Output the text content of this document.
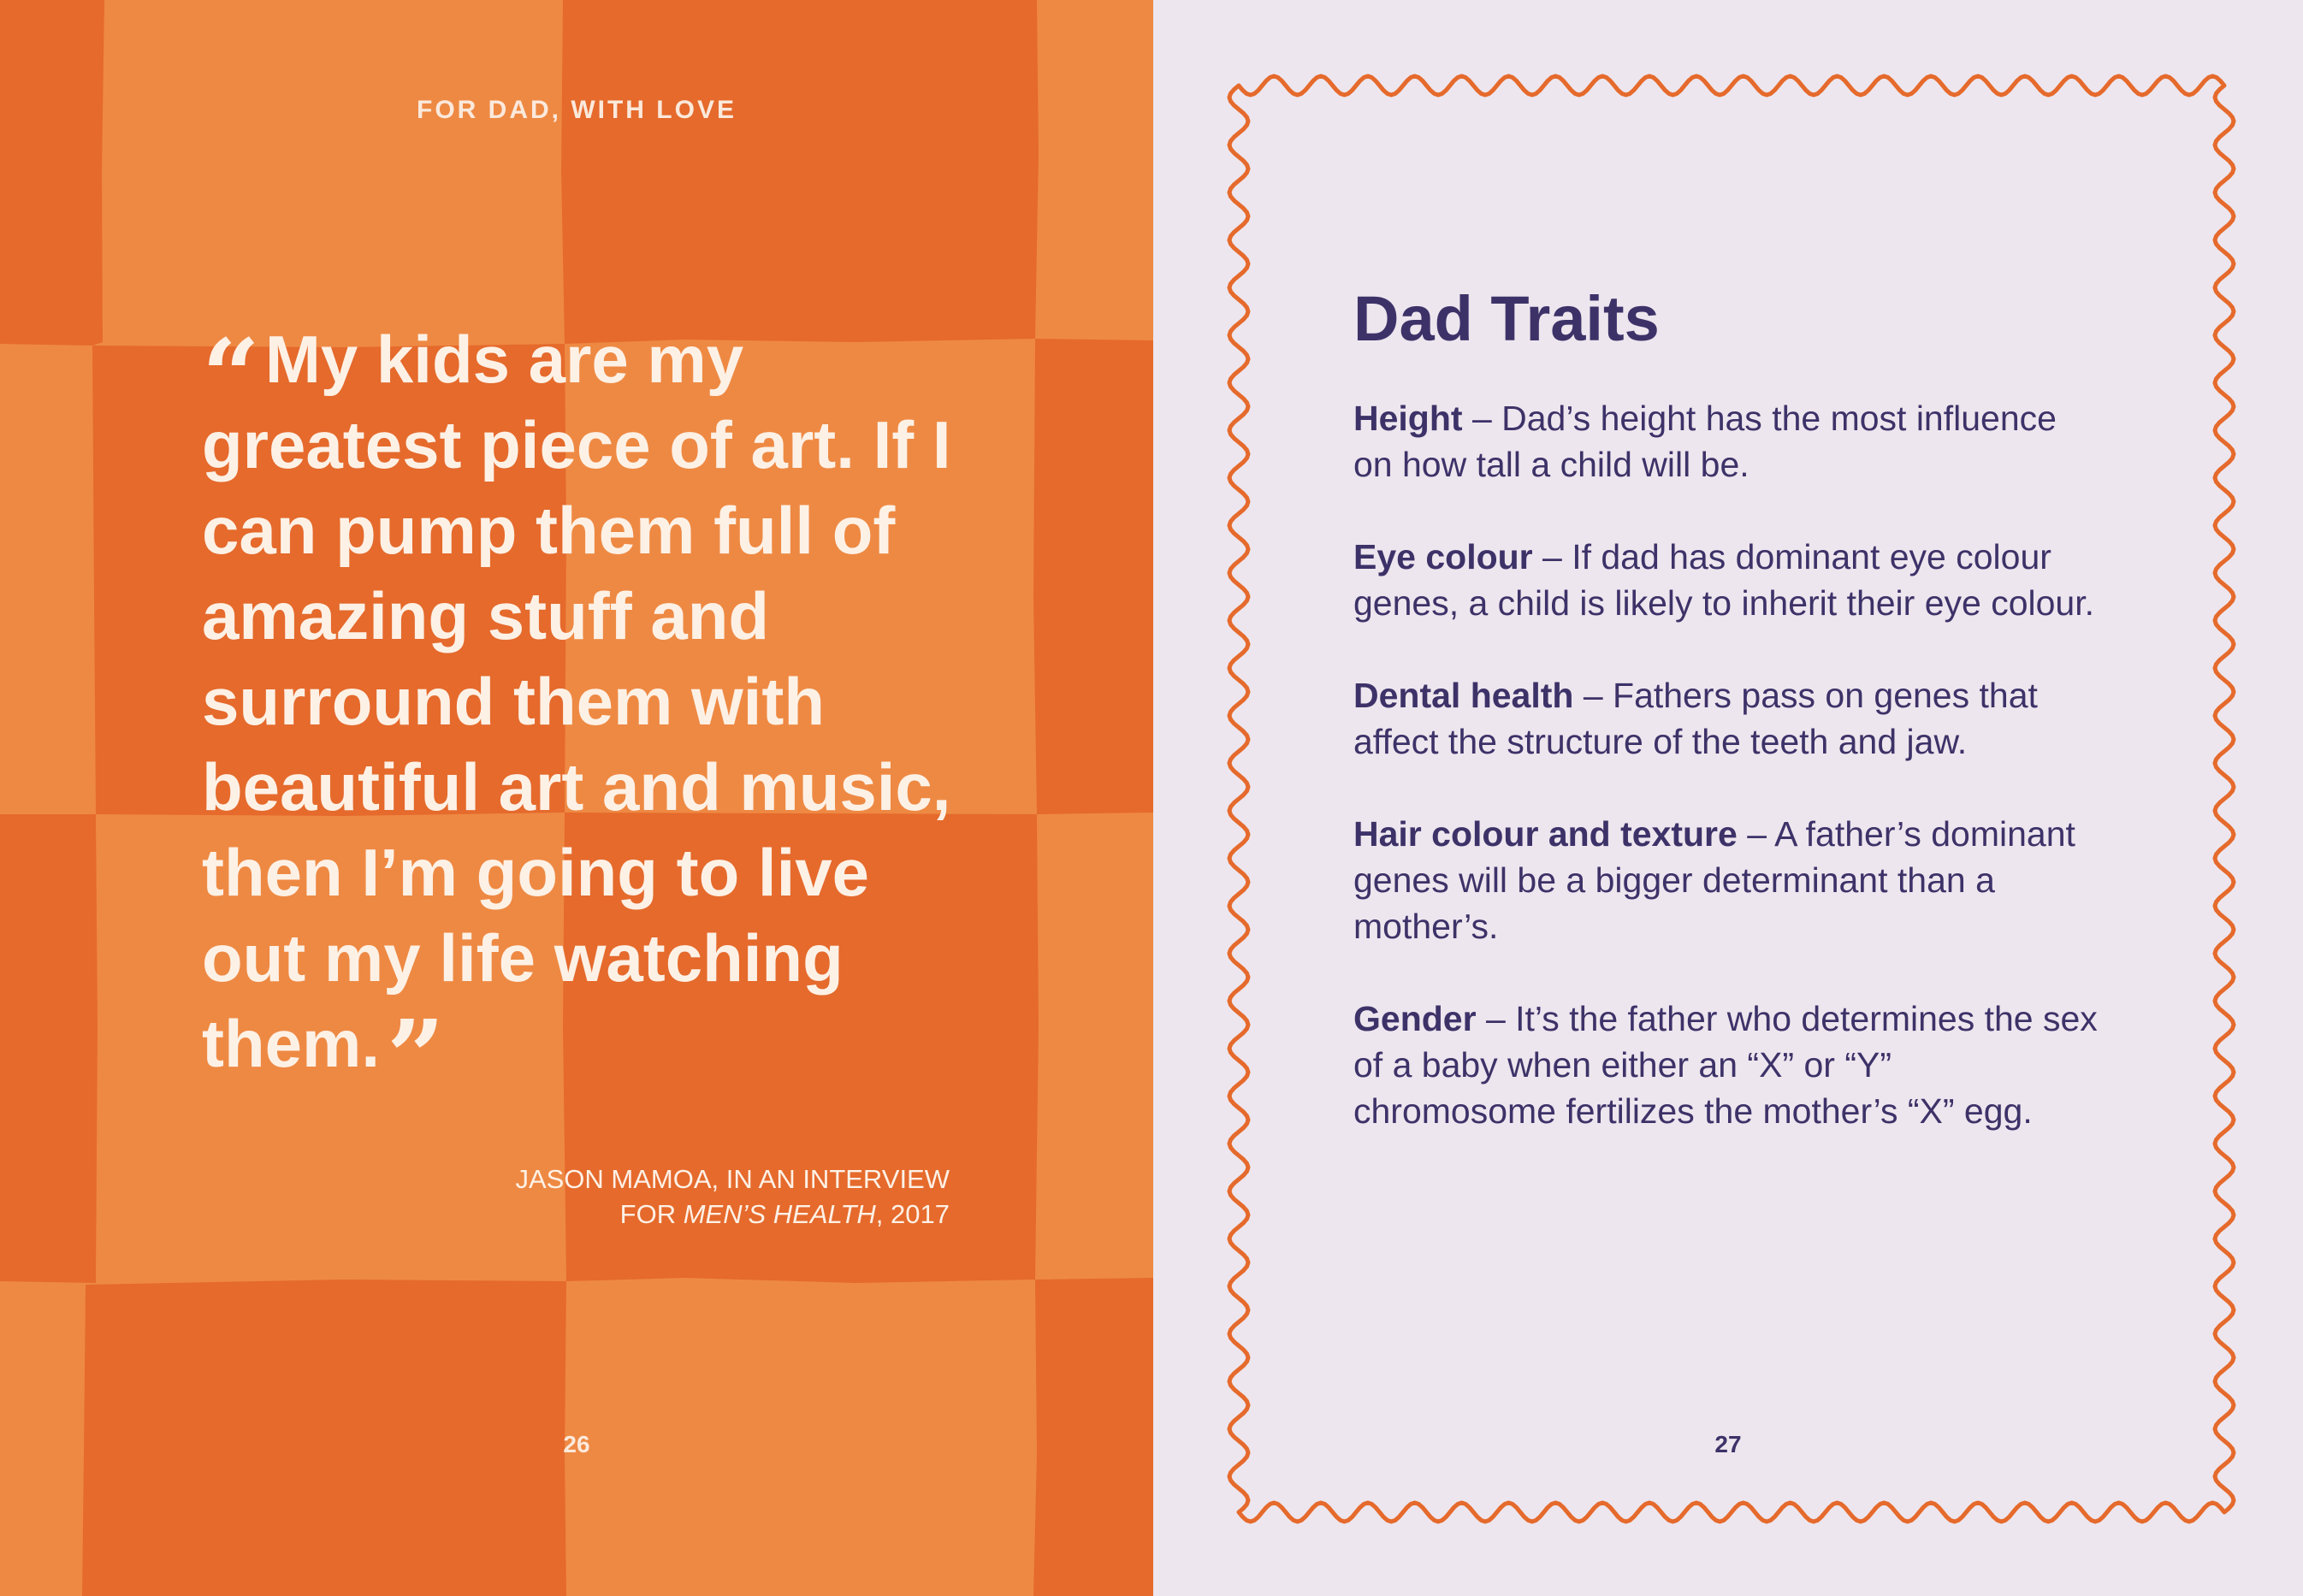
FOR DAD, WITH LOVE
“My kids are my greatest piece of art. If I can pump them full of amazing stuff and surround them with beautiful art and music, then I’m going to live out my life watching them.”
JASON MAMOA, IN AN INTERVIEW
FOR MEN’S HEALTH, 2017
26
Dad Traits

Height – Dad’s height has the most influence on how tall a child will be.

Eye colour – If dad has dominant eye colour genes, a child is likely to inherit their eye colour.

Dental health – Fathers pass on genes that affect the structure of the teeth and jaw.

Hair colour and texture – A father’s dominant genes will be a bigger determinant than a mother’s.

Gender – It’s the father who determines the sex of a baby when either an “X” or “Y” chromosome fertilizes the mother’s “X” egg.

27
